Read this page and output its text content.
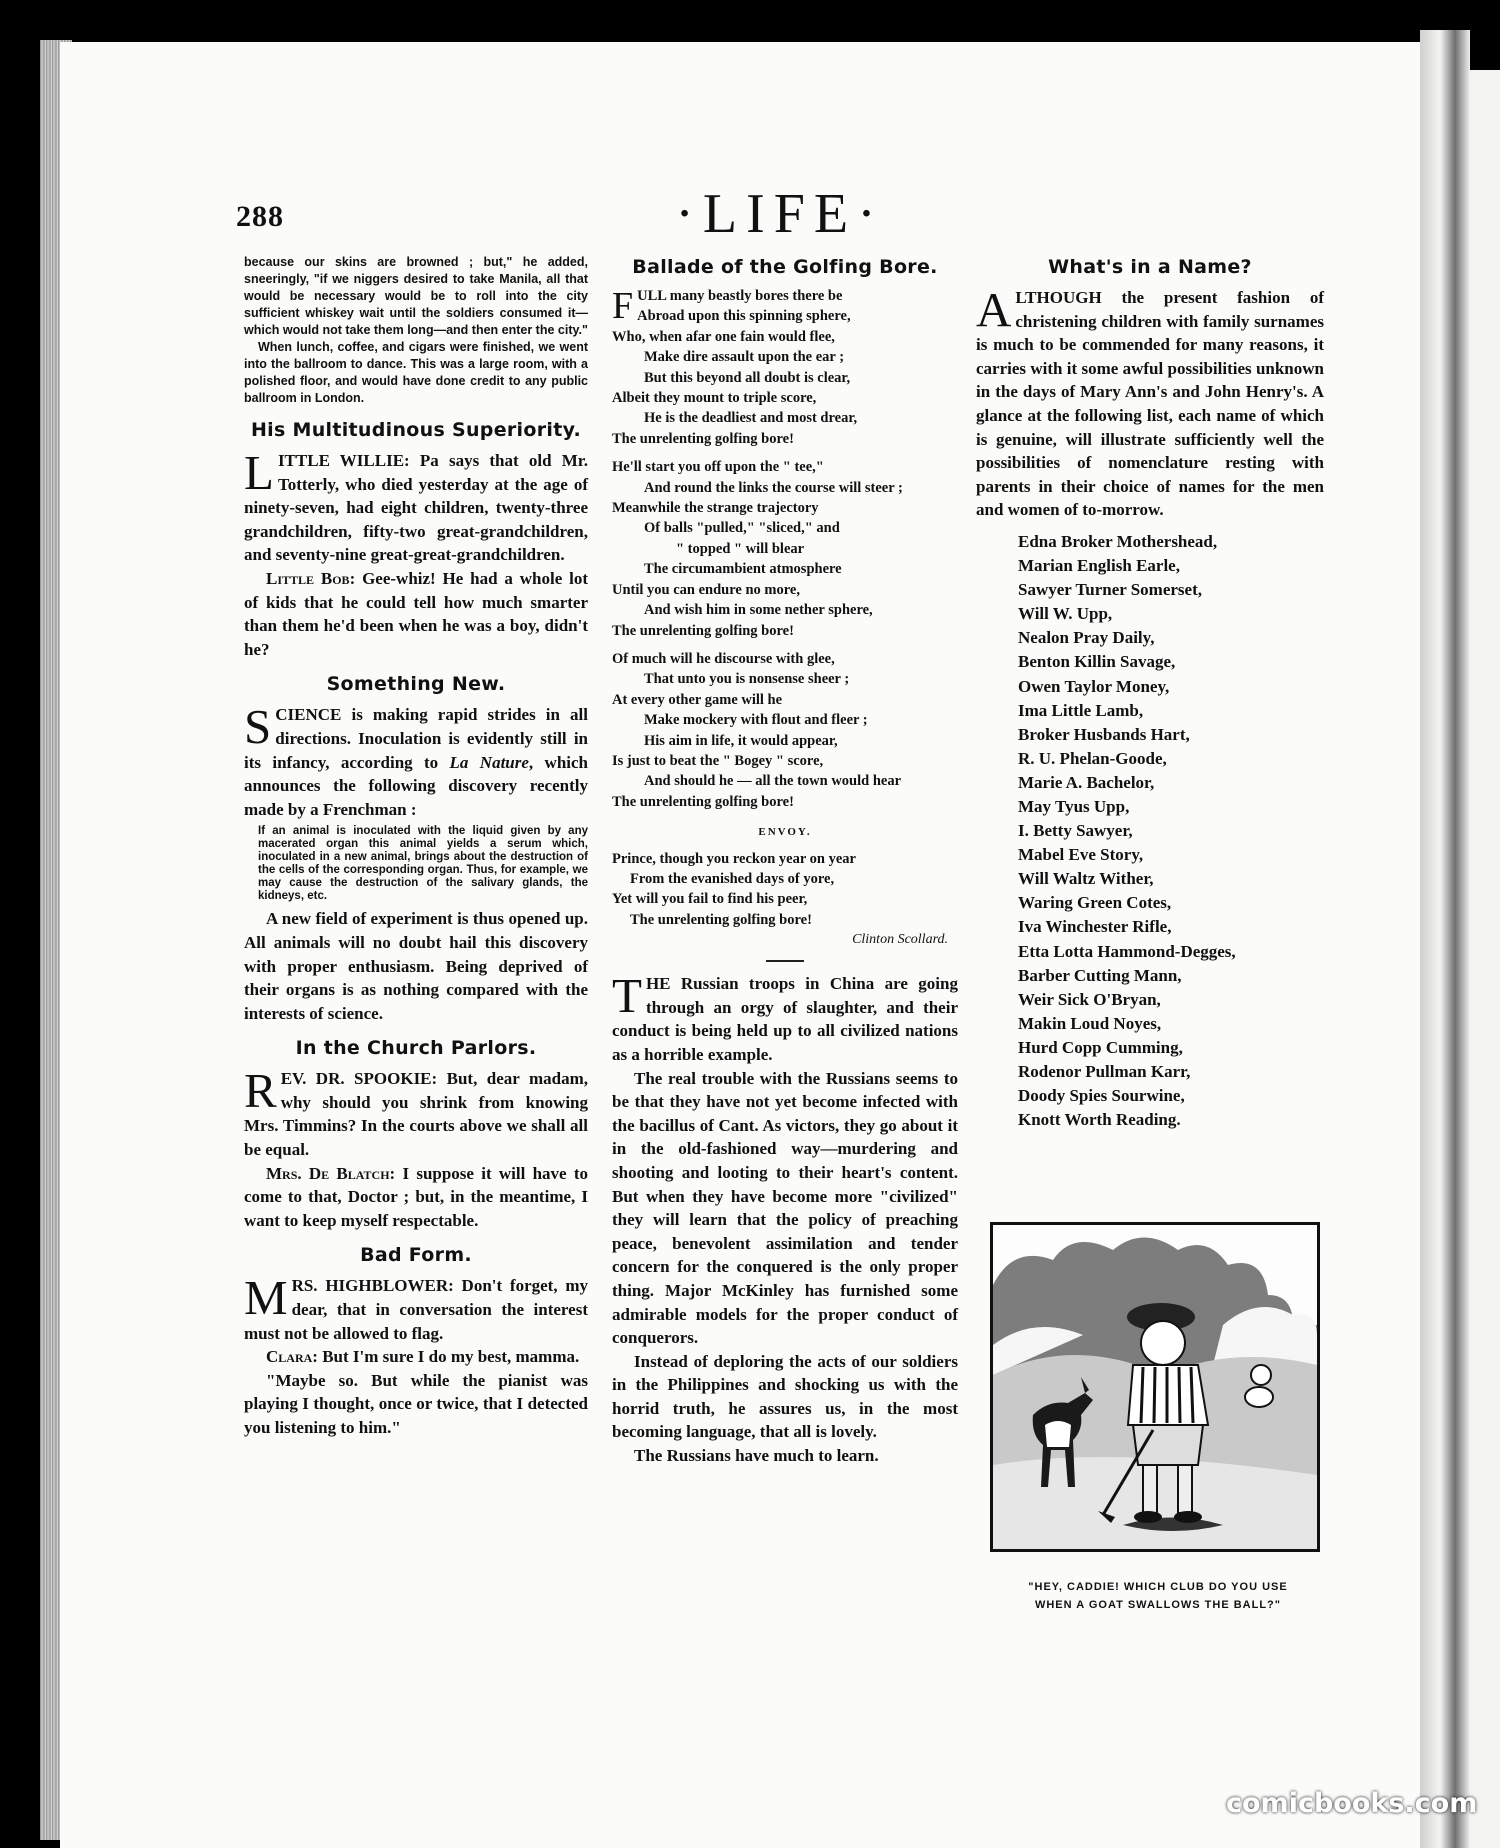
288	·LIFE·

because our skins are browned ; but," he added, sneeringly, "if we niggers desired to take Manila, all that would be necessary would be to roll into the city sufficient whiskey wait until the soldiers consumed it—which would not take them long—and then enter the city."

When lunch, coffee, and cigars were finished, we went into the ballroom to dance. This was a large room, with a polished floor, and would have done credit to any public ballroom in London.

His Multitudinous Superiority.

LITTLE WILLIE: Pa says that old Mr. Totterly, who died yesterday at the age of ninety-seven, had eight children, twenty-three grandchildren, fifty-two great-grandchildren, and seventy-nine great-great-grandchildren.

Little Bob: Gee-whiz! He had a whole lot of kids that he could tell how much smarter than them he'd been when he was a boy, didn't he?

Something New.

SCIENCE is making rapid strides in all directions. Inoculation is evidently still in its infancy, according to La Nature, which announces the following discovery recently made by a Frenchman :

If an animal is inoculated with the liquid given by any macerated organ this animal yields a serum which, inoculated in a new animal, brings about the destruction of the cells of the corresponding organ. Thus, for example, we may cause the destruction of the salivary glands, the kidneys, etc.

A new field of experiment is thus opened up. All animals will no doubt hail this discovery with proper enthusiasm. Being deprived of their organs is as nothing compared with the interests of science.

In the Church Parlors.

REV. DR. SPOOKIE: But, dear madam, why should you shrink from knowing Mrs. Timmins? In the courts above we shall all be equal.

Mrs. De Blatch: I suppose it will have to come to that, Doctor ; but, in the meantime, I want to keep myself respectable.

Bad Form.

MRS. HIGHBLOWER: Don't forget, my dear, that in conversation the interest must not be allowed to flag.

Clara: But I'm sure I do my best, mamma.

"Maybe so. But while the pianist was playing I thought, once or twice, that I detected you listening to him."

Ballade of the Golfing Bore.
FULL many beastly bores there be
Abroad upon this spinning sphere,
Who, when afar one fain would flee,
Make dire assault upon the ear ;
But this beyond all doubt is clear,
Albeit they mount to triple score,
He is the deadliest and most drear,
The unrelenting golfing bore!
He'll start you off upon the " tee,"
And round the links the course will steer ;
Meanwhile the strange trajectory
Of balls "pulled," "sliced," and
" topped " will blear
The circumambient atmosphere
Until you can endure no more,
And wish him in some nether sphere,
The unrelenting golfing bore!
Of much will he discourse with glee,
That unto you is nonsense sheer ;
At every other game will he
Make mockery with flout and fleer ;
His aim in life, it would appear,
Is just to beat the " Bogey " score,
And should he — all the town would hear
The unrelenting golfing bore!
ENVOY.
Prince, though you reckon year on year
From the evanished days of yore,
Yet will you fail to find his peer,
The unrelenting golfing bore!
Clinton Scollard.

THE Russian troops in China are going through an orgy of slaughter, and their conduct is being held up to all civilized nations as a horrible example.

The real trouble with the Russians seems to be that they have not yet become infected with the bacillus of Cant. As victors, they go about it in the old-fashioned way—murdering and shooting and looting to their heart's content. But when they have become more "civilized" they will learn that the policy of preaching peace, benevolent assimilation and tender concern for the conquered is the only proper thing. Major McKinley has furnished some admirable models for the proper conduct of conquerors.

Instead of deploring the acts of our soldiers in the Philippines and shocking us with the horrid truth, he assures us, in the most becoming language, that all is lovely.

The Russians have much to learn.

What's in a Name?

ALTHOUGH the present fashion of christening children with family surnames is much to be commended for many reasons, it carries with it some awful possibilities unknown in the days of Mary Ann's and John Henry's. A glance at the following list, each name of which is genuine, will illustrate sufficiently well the possibilities of nomenclature resting with parents in their choice of names for the men and women of to-morrow.

Edna Broker Mothershead,
Marian English Earle,
Sawyer Turner Somerset,
Will W. Upp,
Nealon Pray Daily,
Benton Killin Savage,
Owen Taylor Money,
Ima Little Lamb,
Broker Husbands Hart,
R. U. Phelan-Goode,
Marie A. Bachelor,
May Tyus Upp,
I. Betty Sawyer,
Mabel Eve Story,
Will Waltz Wither,
Waring Green Cotes,
Iva Winchester Rifle,
Etta Lotta Hammond-Degges,
Barber Cutting Mann,
Weir Sick O'Bryan,
Makin Loud Noyes,
Hurd Copp Cumming,
Rodenor Pullman Karr,
Doody Spies Sourwine,
Knott Worth Reading.
"HEY, CADDIE! WHICH CLUB DO YOU USE
WHEN A GOAT SWALLOWS THE BALL?"
comicbooks.com
